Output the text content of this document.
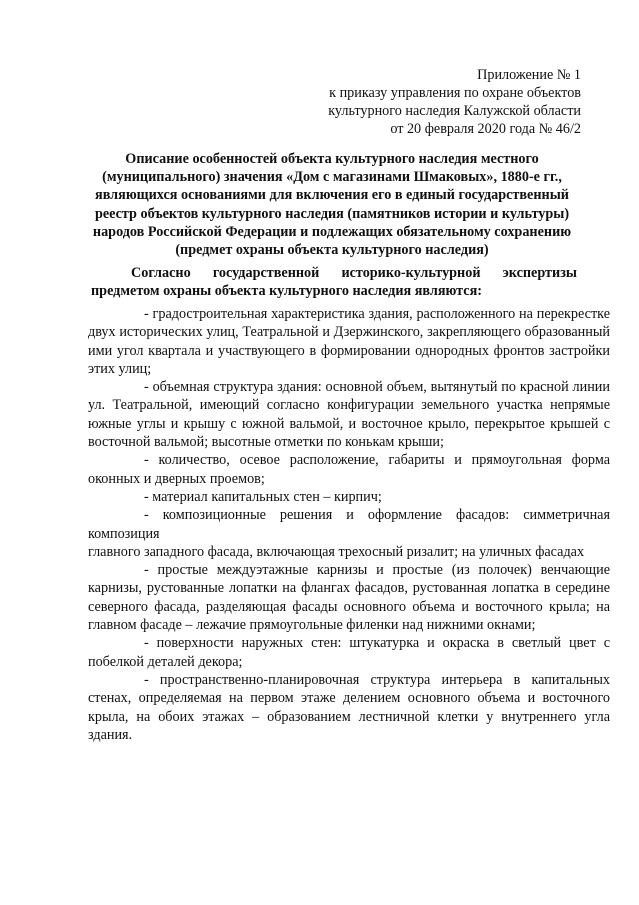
Приложение № 1
к приказу управления по охране объектов
культурного наследия Калужской области
от 20 февраля 2020 года № 46/2
Описание особенностей объекта культурного наследия местного
(муниципального) значения «Дом с магазинами Шмаковых», 1880-е гг.,
являющихся основаниями для включения его в единый государственный
реестр объектов культурного наследия (памятников истории и культуры)
народов Российской Федерации и подлежащих обязательному сохранению
(предмет охраны объекта культурного наследия)
Согласно государственной историко-культурной экспертизы
предметом охраны объекта культурного наследия являются:

- градостроительная характеристика здания, расположенного на перекрестке двух исторических улиц, Театральной и Дзержинского, закрепляющего образованный ими угол квартала и участвующего в формировании однородных фронтов застройки этих улиц;

- объемная структура здания: основной объем, вытянутый по красной линии ул. Театральной, имеющий согласно конфигурации земельного участка непрямые южные углы и крышу с южной вальмой, и восточное крыло, перекрытое крышей с восточной вальмой; высотные отметки по конькам крыши;

- количество, осевое расположение, габариты и прямоугольная форма оконных и дверных проемов;

- материал капитальных стен – кирпич;

- композиционные решения и оформление фасадов: симметричная композиция

главного западного фасада, включающая трехосный ризалит; на уличных фасадах

- простые междуэтажные карнизы и простые (из полочек) венчающие карнизы, рустованные лопатки на флангах фасадов, рустованная лопатка в середине северного фасада, разделяющая фасады основного объема и восточного крыла; на главном фасаде – лежачие прямоугольные филенки над нижними окнами;

- поверхности наружных стен: штукатурка и окраска в светлый цвет с побелкой деталей декора;

- пространственно-планировочная структура интерьера в капитальных стенах, определяемая на первом этаже делением основного объема и восточного крыла, на обоих этажах – образованием лестничной клетки у внутреннего угла здания.
